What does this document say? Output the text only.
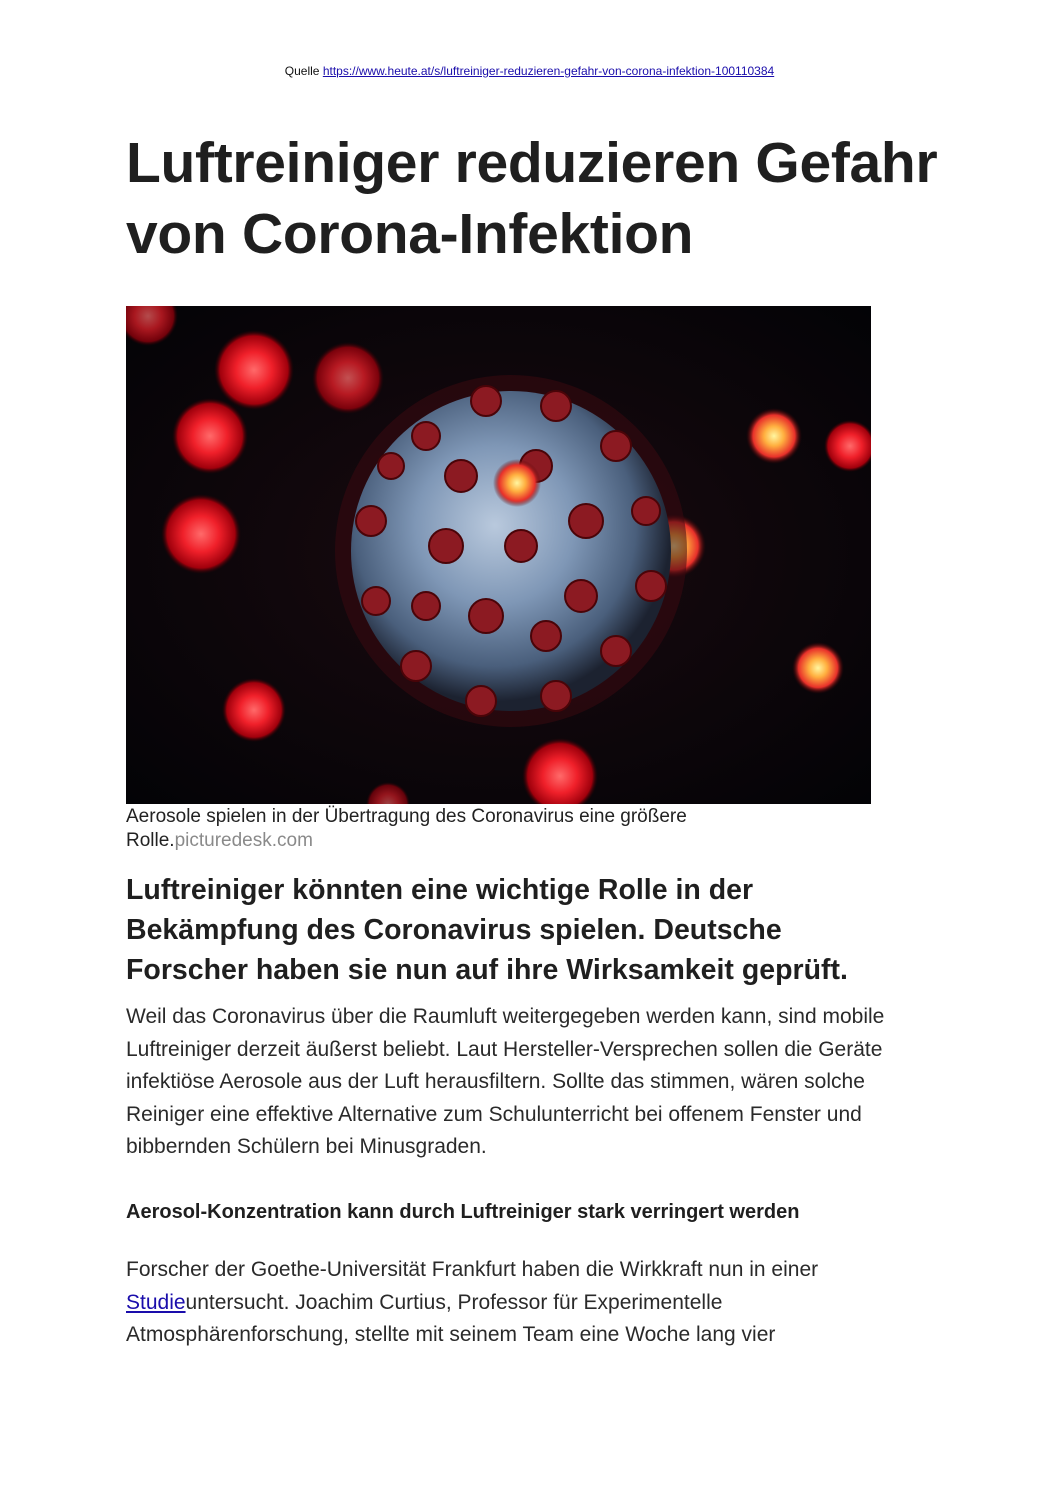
Quelle https://www.heute.at/s/luftreiniger-reduzieren-gefahr-von-corona-infektion-100110384
Luftreiniger reduzieren Gefahr
von Corona-Infektion
Aerosole spielen in der Übertragung des Coronavirus eine größere Rolle.picturedesk.com
Luftreiniger könnten eine wichtige Rolle in der
Bekämpfung des Coronavirus spielen. Deutsche
Forscher haben sie nun auf ihre Wirksamkeit geprüft.

Weil das Coronavirus über die Raumluft weitergegeben werden kann, sind mobile Luftreiniger derzeit äußerst beliebt. Laut Hersteller-Versprechen sollen die Geräte infektiöse Aerosole aus der Luft herausfiltern. Sollte das stimmen, wären solche Reiniger eine effektive Alternative zum Schulunterricht bei offenem Fenster und bibbernden Schülern bei Minusgraden.

Aerosol-Konzentration kann durch Luftreiniger stark verringert werden

Forscher der Goethe-Universität Frankfurt haben die Wirkkraft nun in einer Studieuntersucht. Joachim Curtius, Professor für Experimentelle Atmosphärenforschung, stellte mit seinem Team eine Woche lang vier
